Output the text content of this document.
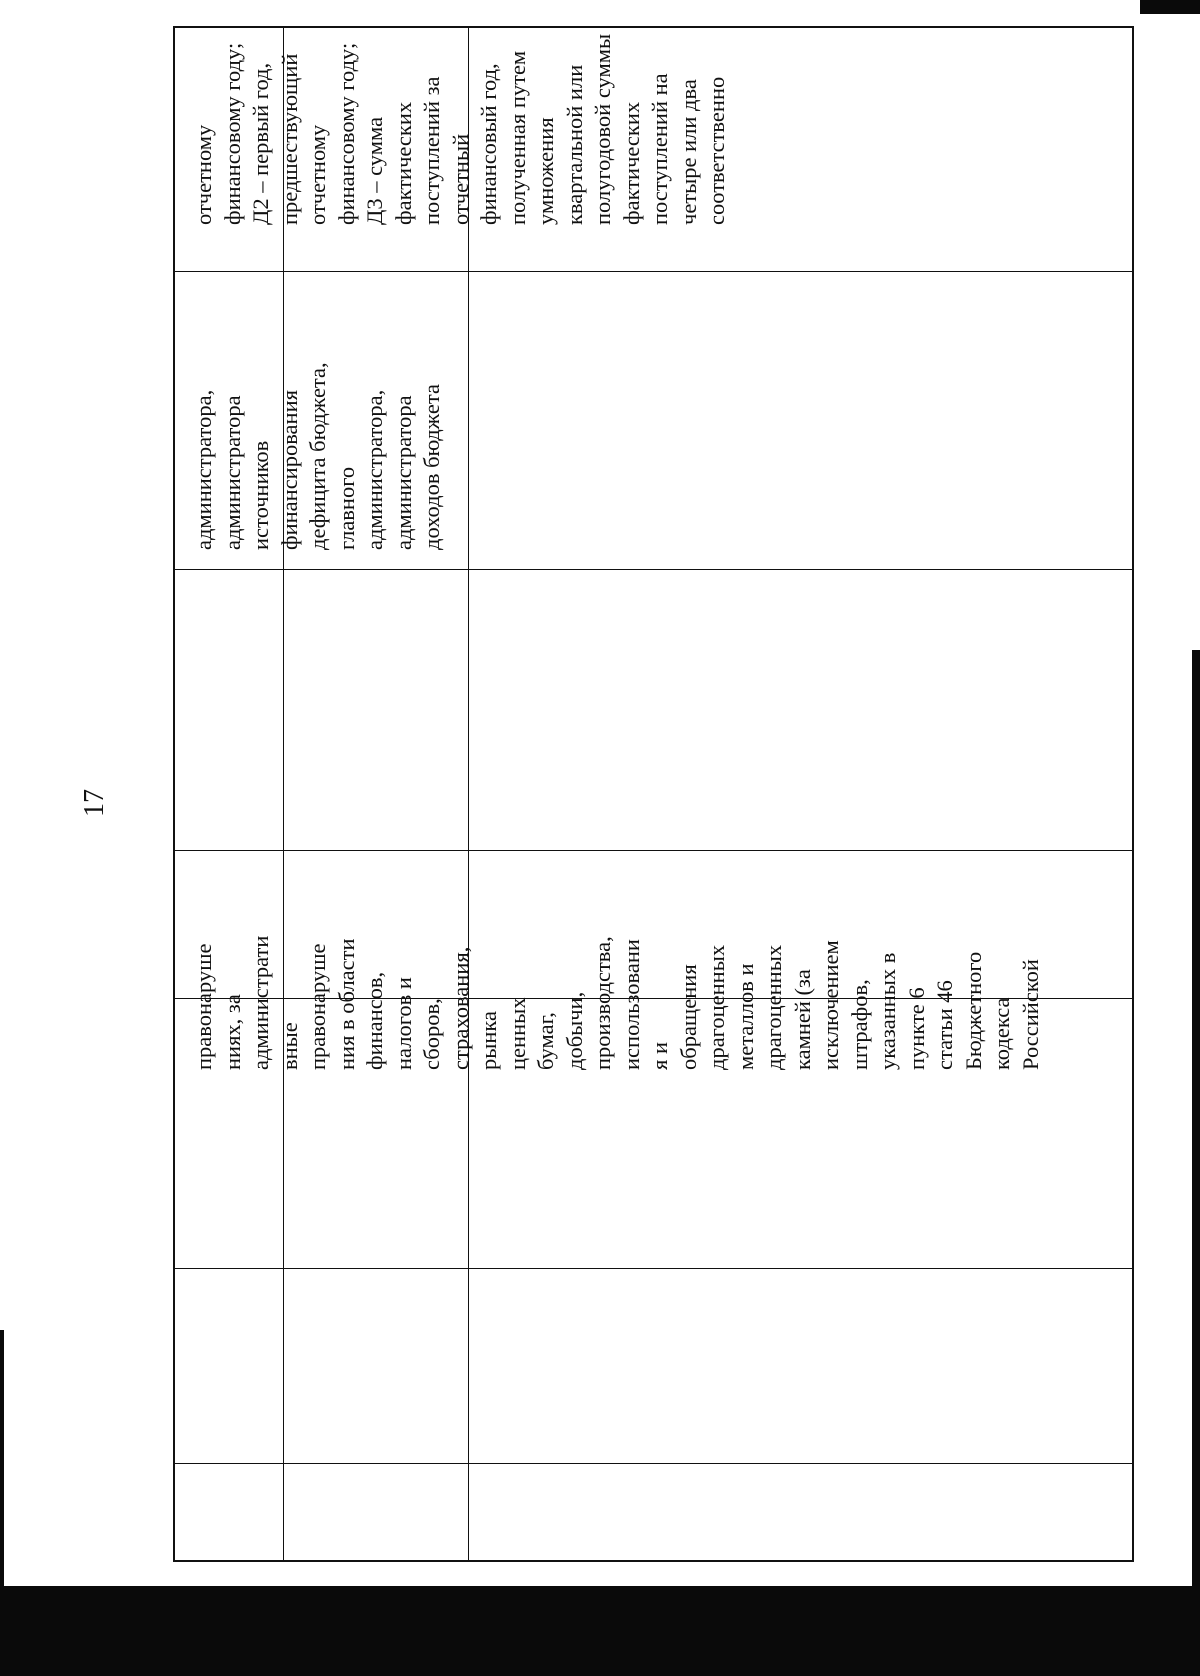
17
отчетному финансовому году; Д2 – первый год, предшествующий отчетному финансовому году; Д3 – сумма фактических поступлений за отчетный финансовый год, полученная путем умножения квартальной или полугодовой суммы фактических поступлений на четыре или два соответственно
администратора, администратора источников финансирования дефицита бюджета, главного администратора, администратора доходов бюджета
правонаруше ниях, за администрати вные правонаруше ния в области финансов, налогов и сборов, страхования, рынка ценных бумаг, добычи, производства, использовани я и обращения драгоценных металлов и драгоценных камней (за исключением штрафов, указанных в пункте 6 статьи 46 Бюджетного кодекса Российской
